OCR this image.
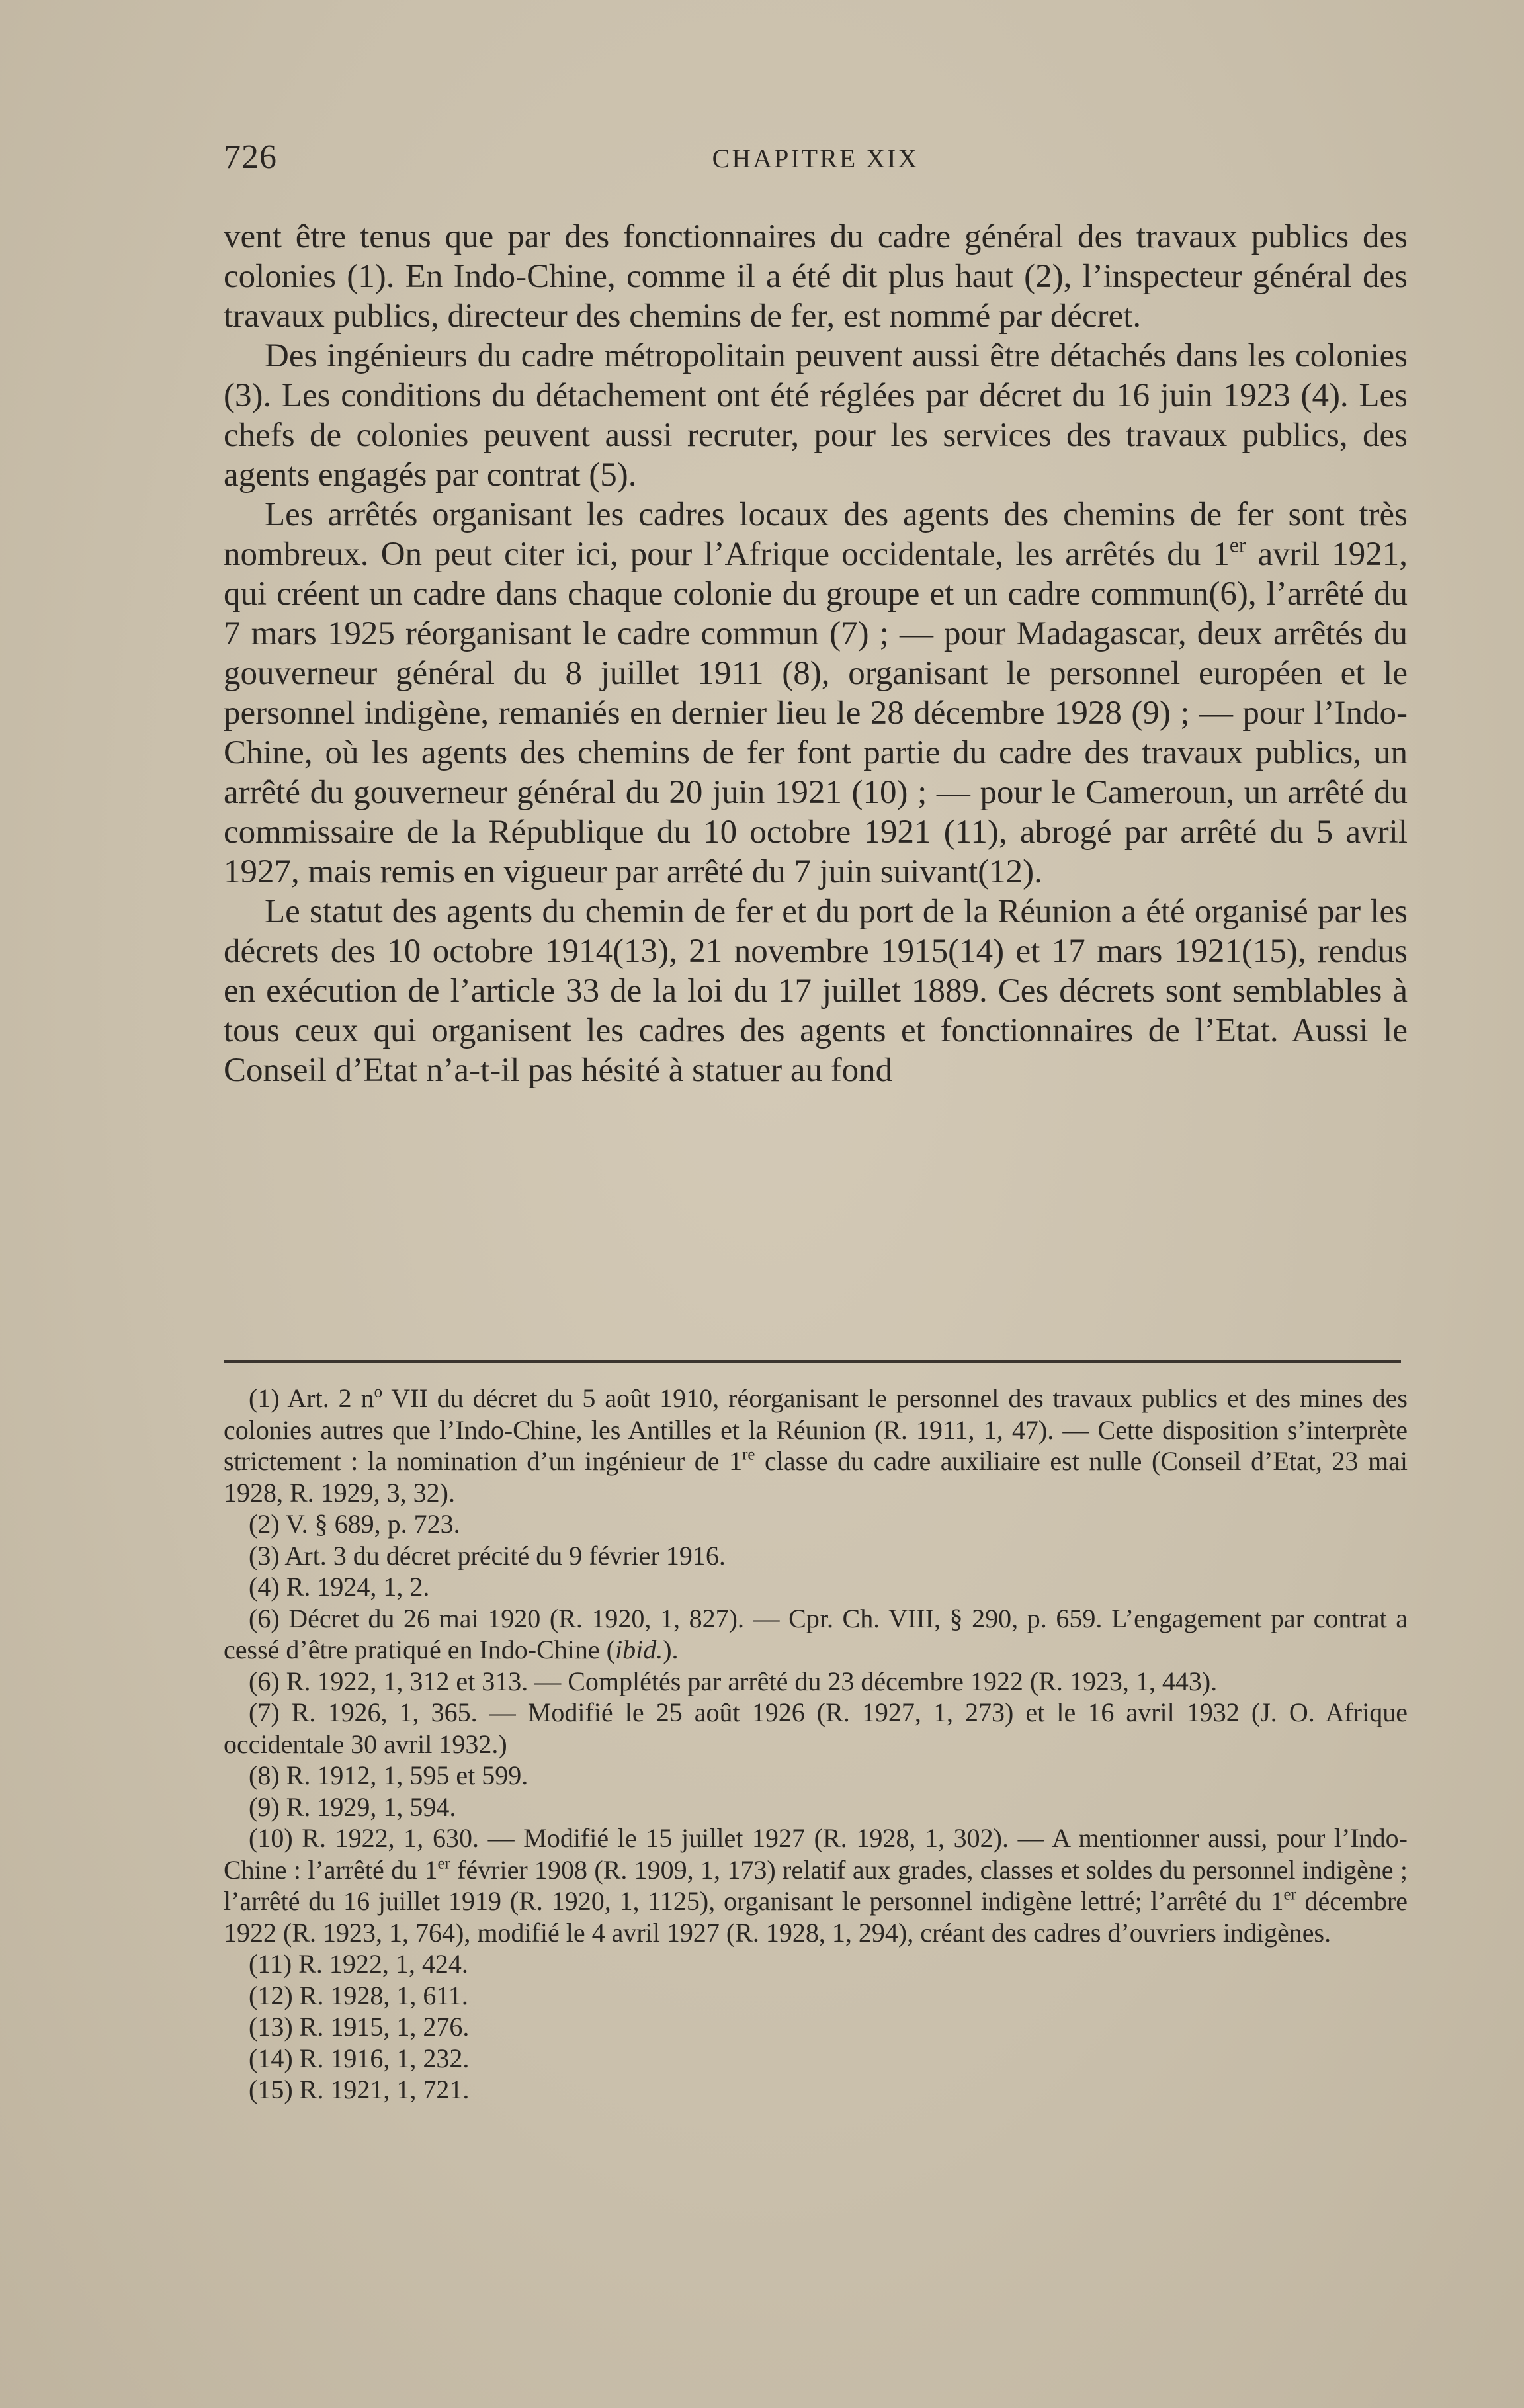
726	CHAPITRE XIX

vent être tenus que par des fonctionnaires du cadre général des travaux publics des colonies (1). En Indo-Chine, comme il a été dit plus haut (2), l’inspecteur général des travaux publics, directeur des chemins de fer, est nommé par décret.

Des ingénieurs du cadre métropolitain peuvent aussi être détachés dans les colonies (3). Les conditions du détachement ont été réglées par décret du 16 juin 1923 (4). Les chefs de colonies peuvent aussi recruter, pour les services des travaux publics, des agents engagés par contrat (5).

Les arrêtés organisant les cadres locaux des agents des chemins de fer sont très nombreux. On peut citer ici, pour l’Afrique occidentale, les arrêtés du 1er avril 1921, qui créent un cadre dans chaque colonie du groupe et un cadre commun(6), l’arrêté du 7 mars 1925 réorganisant le cadre commun (7) ; — pour Madagascar, deux arrêtés du gouverneur général du 8 juillet 1911 (8), organisant le personnel européen et le personnel indigène, remaniés en dernier lieu le 28 décembre 1928 (9) ; — pour l’Indo-Chine, où les agents des chemins de fer font partie du cadre des travaux publics, un arrêté du gouverneur général du 20 juin 1921 (10) ; — pour le Cameroun, un arrêté du commissaire de la République du 10 octobre 1921 (11), abrogé par arrêté du 5 avril 1927, mais remis en vigueur par arrêté du 7 juin suivant(12).

Le statut des agents du chemin de fer et du port de la Réunion a été organisé par les décrets des 10 octobre 1914(13), 21 novembre 1915(14) et 17 mars 1921(15), rendus en exécution de l’article 33 de la loi du 17 juillet 1889. Ces décrets sont semblables à tous ceux qui organisent les cadres des agents et fonctionnaires de l’Etat. Aussi le Conseil d’Etat n’a-t-il pas hésité à statuer au fond

(1) Art. 2 $n^o$ VII du décret du 5 août 1910, réorganisant le personnel des travaux publics et des mines des colonies autres que l’Indo-Chine, les Antilles et la Réunion (R. 1911, 1, 47). — Cette disposition s’interprète strictement : la nomination d’un ingénieur de 1re classe du cadre auxiliaire est nulle (Conseil d’Etat, 23 mai 1928, R. 1929, 3, 32).

(2) V. § 689, p. 723.

(3) Art. 3 du décret précité du 9 février 1916.

(4) R. 1924, 1, 2.

(6) Décret du 26 mai 1920 (R. 1920, 1, 827). — Cpr. Ch. VIII, § 290, p. 659. L’engagement par contrat a cessé d’être pratiqué en Indo-Chine (ibid.).

(6) R. 1922, 1, 312 et 313. — Complétés par arrêté du 23 décembre 1922 (R. 1923, 1, 443).

(7) R. 1926, 1, 365. — Modifié le 25 août 1926 (R. 1927, 1, 273) et le 16 avril 1932 (J. O. Afrique occidentale 30 avril 1932.)

(8) R. 1912, 1, 595 et 599.

(9) R. 1929, 1, 594.

(10) R. 1922, 1, 630. — Modifié le 15 juillet 1927 (R. 1928, 1, 302). — A mentionner aussi, pour l’Indo-Chine : l’arrêté du 1er février 1908 (R. 1909, 1, 173) relatif aux grades, classes et soldes du personnel indigène ; l’arrêté du 16 juillet 1919 (R. 1920, 1, 1125), organisant le personnel indigène lettré; l’arrêté du 1er décembre 1922 (R. 1923, 1, 764), modifié le 4 avril 1927 (R. 1928, 1, 294), créant des cadres d’ouvriers indigènes.

(11) R. 1922, 1, 424.

(12) R. 1928, 1, 611.

(13) R. 1915, 1, 276.

(14) R. 1916, 1, 232.

(15) R. 1921, 1, 721.
